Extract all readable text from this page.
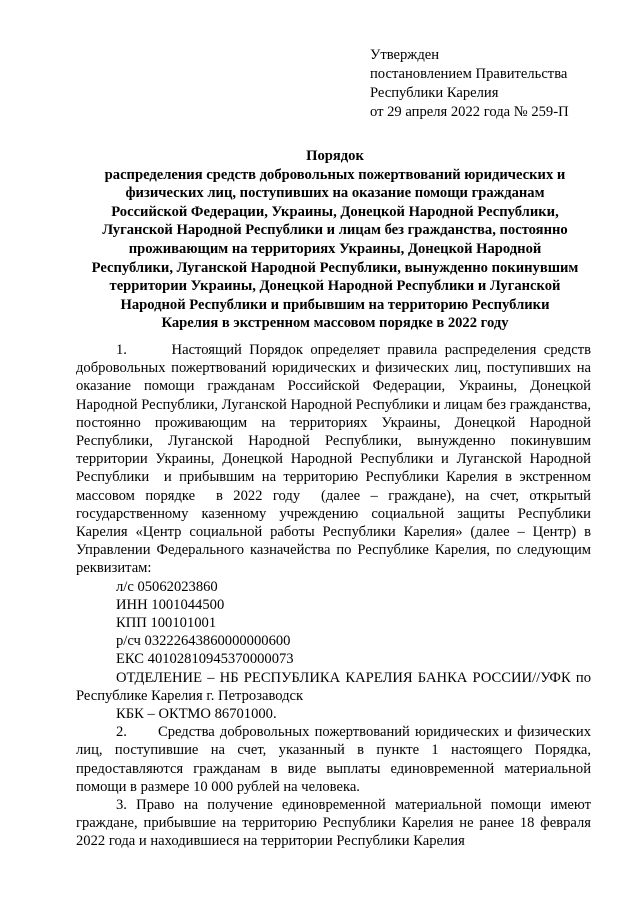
Утвержден
постановлением Правительства
Республики Карелия
от 29 апреля 2022 года № 259-П
Порядок
распределения средств добровольных пожертвований юридических и
физических лиц, поступивших на оказание помощи гражданам
Российской Федерации, Украины, Донецкой Народной Республики,
Луганской Народной Республики и лицам без гражданства, постоянно
проживающим на территориях Украины, Донецкой Народной
Республики, Луганской Народной Республики, вынужденно покинувшим
территории Украины, Донецкой Народной Республики и Луганской
Народной Республики и прибывшим на территорию Республики
Карелия в экстренном массовом порядке в 2022 году
1.      Настоящий Порядок определяет правила распределения средств добровольных пожертвований юридических и физических лиц, поступивших на оказание помощи гражданам Российской Федерации, Украины, Донецкой Народной Республики, Луганской Народной Республики и лицам без гражданства, постоянно проживающим на территориях Украины, Донецкой Народной Республики, Луганской Народной Республики, вынужденно покинувшим территории Украины, Донецкой Народной Республики и Луганской Народной Республики  и прибывшим на территорию Республики Карелия в экстренном массовом порядке  в 2022 году  (далее – граждане), на счет, открытый государственному казенному учреждению социальной защиты Республики Карелия «Центр социальной работы Республики Карелия» (далее – Центр) в Управлении Федерального казначейства по Республике Карелия, по следующим реквизитам:
л/с 05062023860
ИНН 1001044500
КПП 100101001
р/сч 03222643860000000600
ЕКС 40102810945370000073
ОТДЕЛЕНИЕ – НБ РЕСПУБЛИКА КАРЕЛИЯ БАНКА РОССИИ//УФК по Республике Карелия г. Петрозаводск
КБК – ОКТМО 86701000.
2.      Средства добровольных пожертвований юридических и физических лиц, поступившие на счет, указанный в пункте 1 настоящего Порядка, предоставляются гражданам в виде выплаты единовременной материальной помощи в размере 10 000 рублей на человека.
3. Право на получение единовременной материальной помощи имеют граждане, прибывшие на территорию Республики Карелия не ранее 18 февраля 2022 года и находившиеся на территории Республики Карелия
